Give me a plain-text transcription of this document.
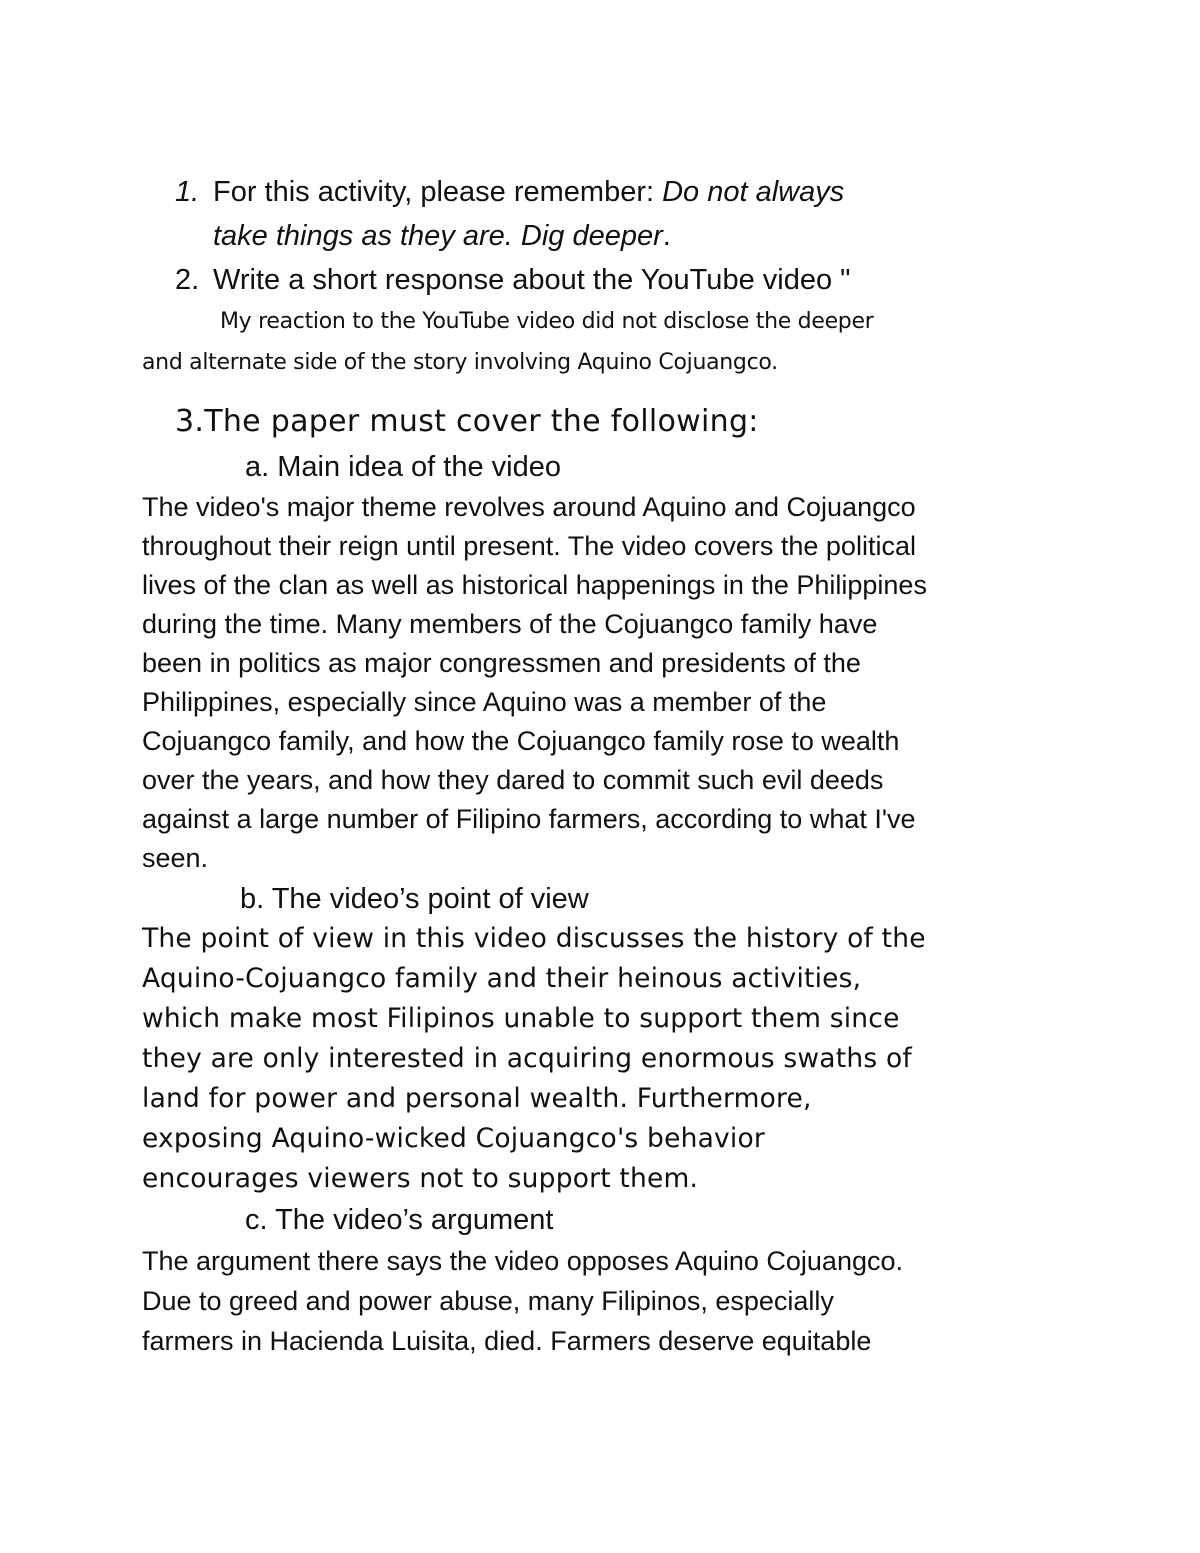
1. For this activity, please remember: Do not always
take things as they are. Dig deeper.
2. Write a short response about the YouTube video "
My reaction to the YouTube video did not disclose the deeper
and alternate side of the story involving Aquino Cojuangco.
3.The paper must cover the following:
a. Main idea of the video
The video's major theme revolves around Aquino and Cojuangco
throughout their reign until present. The video covers the political
lives of the clan as well as historical happenings in the Philippines
during the time. Many members of the Cojuangco family have
been in politics as major congressmen and presidents of the
Philippines, especially since Aquino was a member of the
Cojuangco family, and how the Cojuangco family rose to wealth
over the years, and how they dared to commit such evil deeds
against a large number of Filipino farmers, according to what I've
seen.
b. The video’s point of view
The point of view in this video discusses the history of the
Aquino-Cojuangco family and their heinous activities,
which make most Filipinos unable to support them since
they are only interested in acquiring enormous swaths of
land for power and personal wealth. Furthermore,
exposing Aquino-wicked Cojuangco's behavior
encourages viewers not to support them.
c. The video’s argument
The argument there says the video opposes Aquino Cojuangco.
Due to greed and power abuse, many Filipinos, especially
farmers in Hacienda Luisita, died. Farmers deserve equitable
